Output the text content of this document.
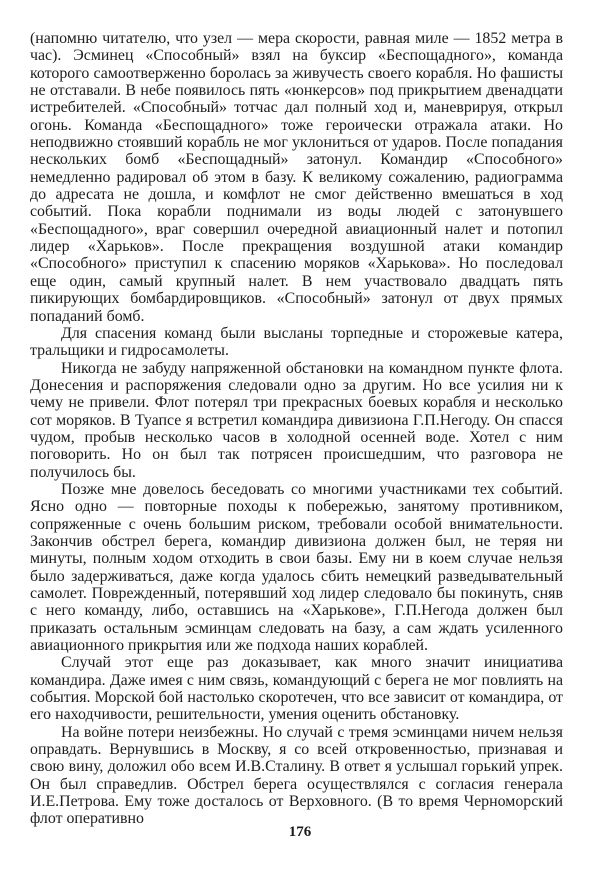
(напомню читателю, что узел — мера скорости, равная миле — 1852 метра в час). Эсминец «Способный» взял на буксир «Беспощадного», команда которого самоотверженно боролась за живучесть своего корабля. Но фашисты не отставали. В небе появилось пять «юнкерсов» под прикрытием двенадцати истребителей. «Способный» тотчас дал полный ход и, маневрируя, открыл огонь. Команда «Беспощадного» тоже героически отражала атаки. Но неподвижно стоявший корабль не мог уклониться от ударов. После попадания нескольких бомб «Беспощадный» затонул. Командир «Способного» немедленно радировал об этом в базу. К великому сожалению, радиограмма до адресата не дошла, и комфлот не смог действенно вмешаться в ход событий. Пока корабли поднимали из воды людей с затонувшего «Беспощадного», враг совершил очередной авиационный налет и потопил лидер «Харьков». После прекращения воздушной атаки командир «Способного» приступил к спасению моряков «Харькова». Но последовал еще один, самый крупный налет. В нем участвовало двадцать пять пикирующих бомбардировщиков. «Способный» затонул от двух прямых попаданий бомб.

Для спасения команд были высланы торпедные и сторожевые катера, тральщики и гидросамолеты.

Никогда не забуду напряженной обстановки на командном пункте флота. Донесения и распоряжения следовали одно за другим. Но все усилия ни к чему не привели. Флот потерял три прекрасных боевых корабля и несколько сот моряков. В Туапсе я встретил командира дивизиона Г.П.Негоду. Он спасся чудом, пробыв несколько часов в холодной осенней воде. Хотел с ним поговорить. Но он был так потрясен происшедшим, что разговора не получилось бы.

Позже мне довелось беседовать со многими участниками тех событий. Ясно одно — повторные походы к побережью, занятому противником, сопряженные с очень большим риском, требовали особой внимательности. Закончив обстрел берега, командир дивизиона должен был, не теряя ни минуты, полным ходом отходить в свои базы. Ему ни в коем случае нельзя было задерживаться, даже когда удалось сбить немецкий разведывательный самолет. Поврежденный, потерявший ход лидер следовало бы покинуть, сняв с него команду, либо, оставшись на «Харькове», Г.П.Негода должен был приказать остальным эсминцам следовать на базу, а сам ждать усиленного авиационного прикрытия или же подхода наших кораблей.

Случай этот еще раз доказывает, как много значит инициатива командира. Даже имея с ним связь, командующий с берега не мог повлиять на события. Морской бой настолько скоротечен, что все зависит от командира, от его находчивости, решительности, умения оценить обстановку.

На войне потери неизбежны. Но случай с тремя эсминцами ничем нельзя оправдать. Вернувшись в Москву, я со всей откровенностью, признавая и свою вину, доложил обо всем И.В.Сталину. В ответ я услышал горький упрек. Он был справедлив. Обстрел берега осуществлялся с согласия генерала И.Е.Петрова. Ему тоже досталось от Верховного. (В то время Черноморский флот оперативно

176
